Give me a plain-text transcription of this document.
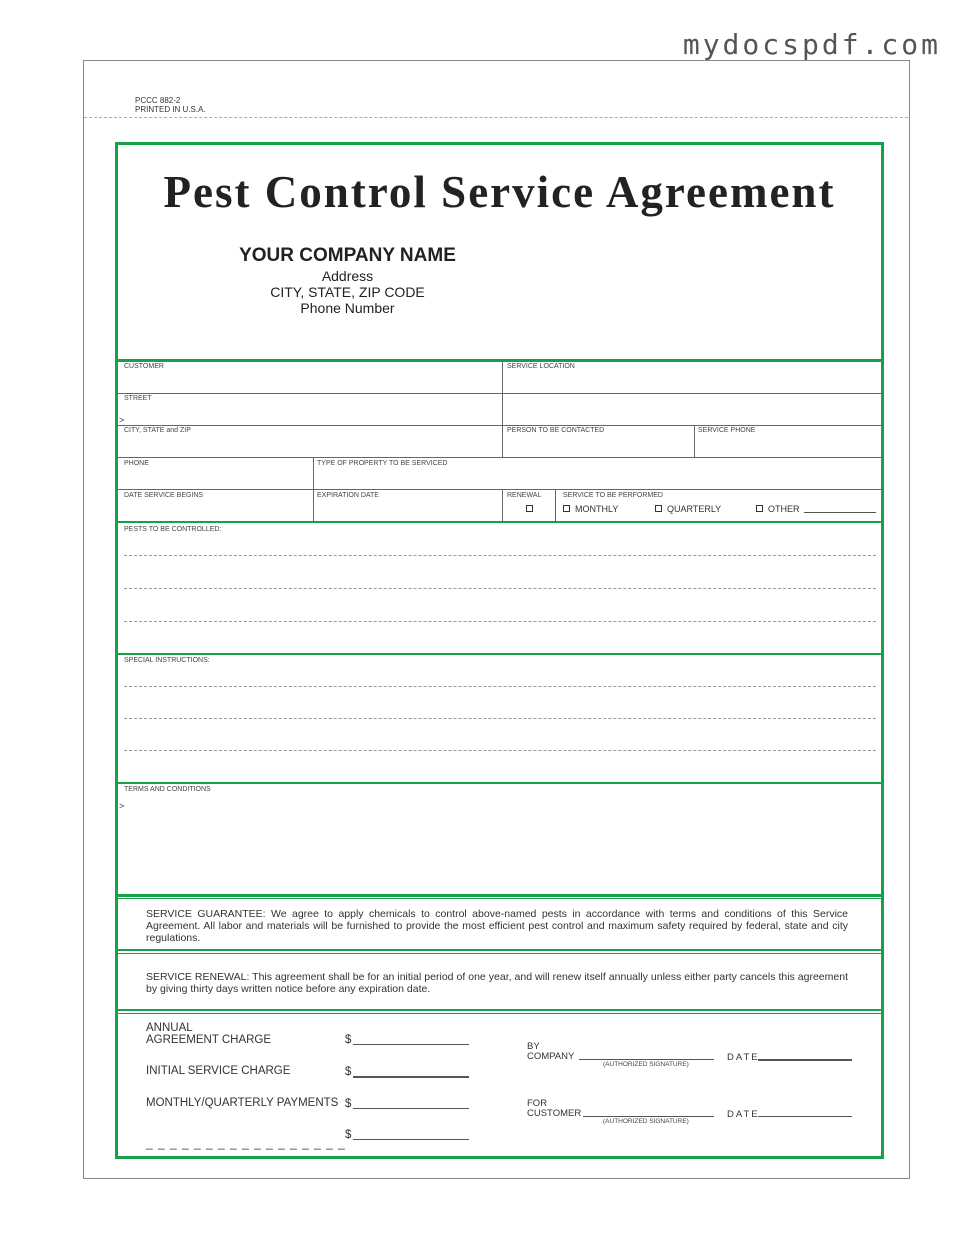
mydocspdf.com
PCCC 882-2
PRINTED IN U.S.A.
Pest Control Service Agreement
YOUR COMPANY NAME
Address
CITY, STATE, ZIP CODE
Phone Number
CUSTOMER	SERVICE LOCATION
STREET
>
CITY, STATE and ZIP	PERSON TO BE CONTACTED	SERVICE PHONE
PHONE	TYPE OF PROPERTY TO BE SERVICED
DATE SERVICE BEGINS	EXPIRATION DATE	RENEWAL	SERVICE TO BE PERFORMED
MONTHLY	QUARTERLY	OTHER
PESTS TO BE CONTROLLED:
SPECIAL INSTRUCTIONS:
TERMS AND CONDITIONS
>
SERVICE GUARANTEE: We agree to apply chemicals to control above-named pests in accordance with terms and conditions of this Service Agreement. All labor and materials will be furnished to provide the most efficient pest control and maximum safety required by federal, state and city regulations.
SERVICE RENEWAL: This agreement shall be for an initial period of one year, and will renew itself annually unless either party cancels this agreement by giving thirty days written notice before any expiration date.
ANNUAL
AGREEMENT CHARGE	$
INITIAL SERVICE CHARGE	$
MONTHLY/QUARTERLY PAYMENTS $
_ _ _ _ _ _ _ _ _ _ _ _ _ _ _ _ _
$
BY
COMPANY
(AUTHORIZED SIGNATURE)
DATE
FOR
CUSTOMER
(AUTHORIZED SIGNATURE)
DATE
